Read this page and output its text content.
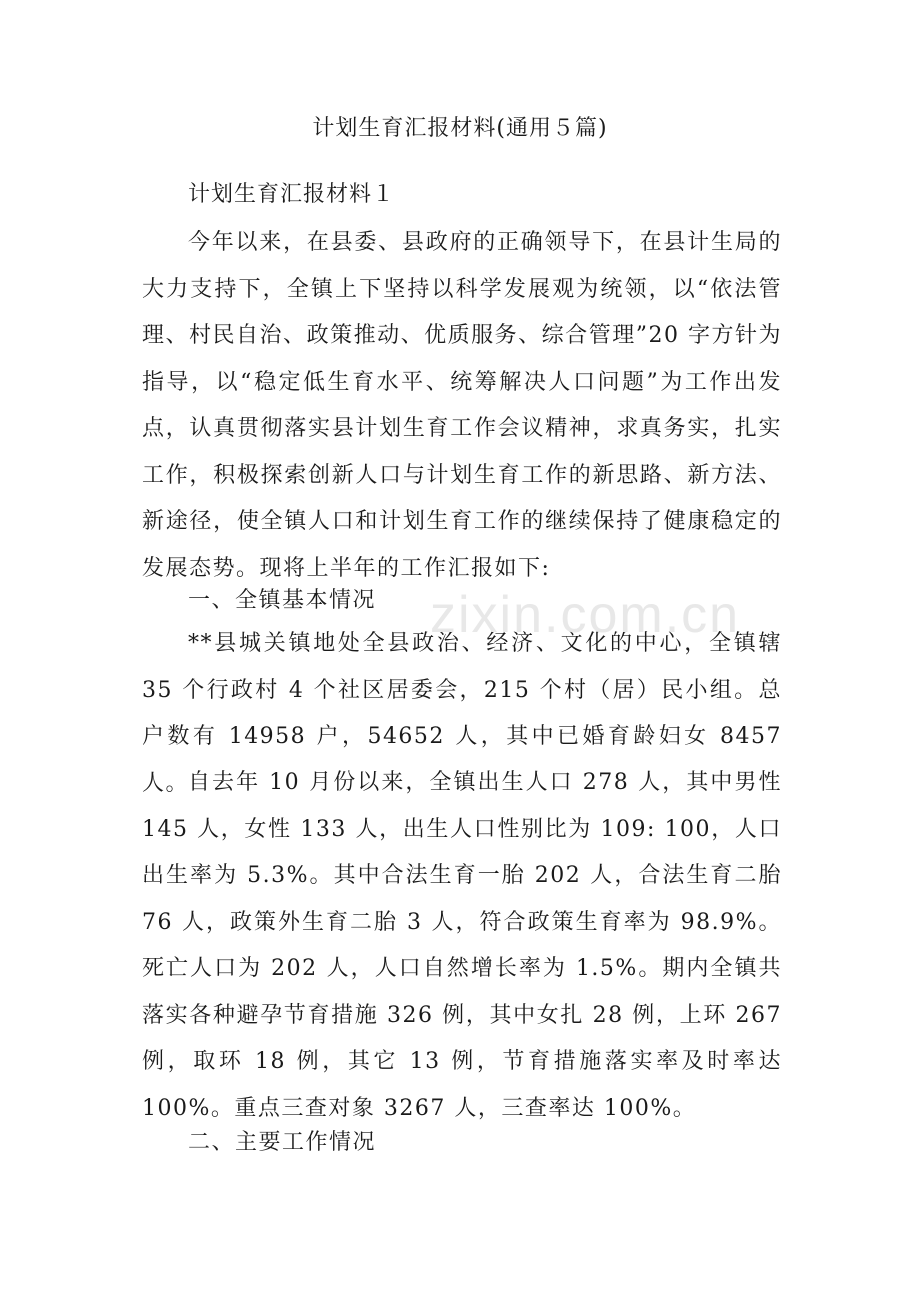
计划生育汇报材料(通用５篇)
计划生育汇报材料１

今年以来，在县委、县政府的正确领导下，在县计生局的大力支持下，全镇上下坚持以科学发展观为统领，以“依法管理、村民自治、政策推动、优质服务、综合管理”20 字方针为指导，以“稳定低生育水平、统筹解决人口问题”为工作出发点，认真贯彻落实县计划生育工作会议精神，求真务实，扎实工作，积极探索创新人口与计划生育工作的新思路、新方法、新途径，使全镇人口和计划生育工作的继续保持了健康稳定的发展态势。现将上半年的工作汇报如下:

一、全镇基本情况

**县城关镇地处全县政治、经济、文化的中心，全镇辖 35 个行政村 4 个社区居委会，215 个村（居）民小组。总户数有 14958 户，54652 人，其中已婚育龄妇女 8457 人。

自去年 10 月份以来，全镇出生人口 278 人，其中男性 145 人，女性 133 人，出生人口性别比为 109: 100，人口出生率为 5.3%。其中合法生育一胎 202 人，合法生育二胎 76 人，政策外生育二胎 3 人，符合政策生育率为 98.9%。死亡人口为 202 人，人口自然增长率为 1.5%。期内全镇共落实各种避孕节育措施 326 例，其中女扎 28 例，上环 267 例，取环 18 例，其它 13 例，节育措施落实率及时率达 100%。重点三查对象 3267 人，三查率达 100%。

二、主要工作情况
zixin.com.cn
